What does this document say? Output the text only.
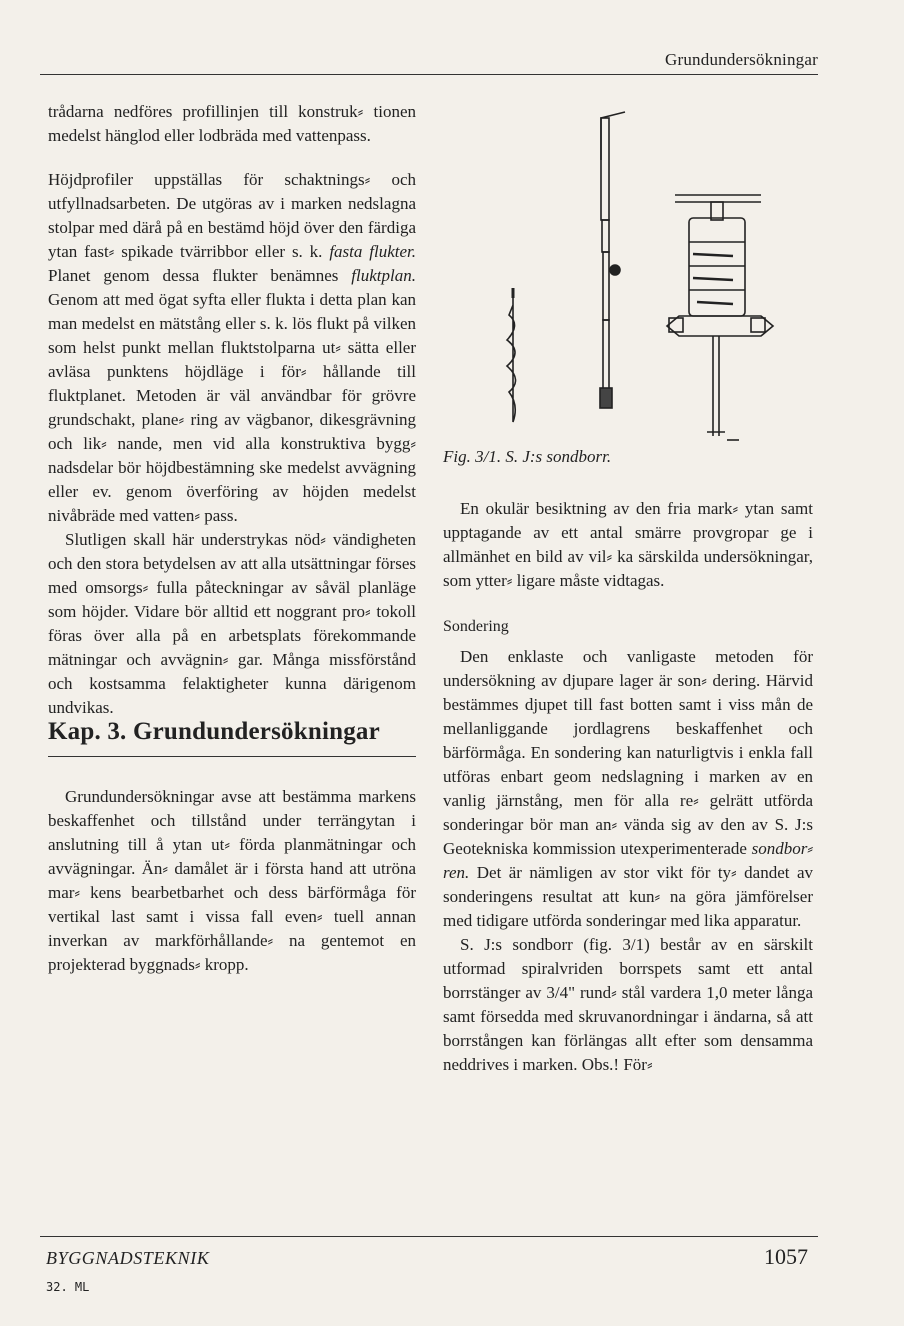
Grundundersökningar

trådarna nedföres profillinjen till konstruk⸗ tionen medelst hänglod eller lodbräda med vattenpass.

Höjdprofiler uppställas för schaktnings⸗ och utfyllnadsarbeten. De utgöras av i marken nedslagna stolpar med därå på en bestämd höjd över den färdiga ytan fast⸗ spikade tvärribbor eller s. k. fasta flukter. Planet genom dessa flukter benämnes fluktplan. Genom att med ögat syfta eller flukta i detta plan kan man medelst en mätstång eller s. k. lös flukt på vilken som helst punkt mellan fluktstolparna ut⸗ sätta eller avläsa punktens höjdläge i för⸗ hållande till fluktplanet. Metoden är väl användbar för grövre grundschakt, plane⸗ ring av vägbanor, dikesgrävning och lik⸗ nande, men vid alla konstruktiva bygg⸗ nadsdelar bör höjdbestämning ske medelst avvägning eller ev. genom överföring av höjden medelst nivåbräde med vatten⸗ pass.

Slutligen skall här understrykas nöd⸗ vändigheten och den stora betydelsen av att alla utsättningar förses med omsorgs⸗ fulla påteckningar av såväl planläge som höjder. Vidare bör alltid ett noggrant pro⸗ tokoll föras över alla på en arbetsplats förekommande mätningar och avvägnin⸗ gar. Många missförstånd och kostsamma felaktigheter kunna därigenom undvikas.

Kap. 3. Grundundersökningar

Grundundersökningar avse att bestämma markens beskaffenhet och tillstånd under terrängytan i anslutning till å ytan ut⸗ förda planmätningar och avvägningar. Än⸗ damålet är i första hand att utröna mar⸗ kens bearbetbarhet och dess bärförmåga för vertikal last samt i vissa fall even⸗ tuell annan inverkan av markförhållande⸗ na gentemot en projekterad byggnads⸗ kropp.

Fig. 3/1. S. J:s sondborr.

En okulär besiktning av den fria mark⸗ ytan samt upptagande av ett antal smärre provgropar ge i allmänhet en bild av vil⸗ ka särskilda undersökningar, som ytter⸗ ligare måste vidtagas.

Sondering

Den enklaste och vanligaste metoden för undersökning av djupare lager är son⸗ dering. Härvid bestämmes djupet till fast botten samt i viss mån de mellanliggande jordlagrens beskaffenhet och bärförmåga. En sondering kan naturligtvis i enkla fall utföras enbart geom nedslagning i marken av en vanlig järnstång, men för alla re⸗ gelrätt utförda sonderingar bör man an⸗ vända sig av den av S. J:s Geotekniska kommission utexperimenterade sondbor⸗ ren. Det är nämligen av stor vikt för ty⸗ dandet av sonderingens resultat att kun⸗ na göra jämförelser med tidigare utförda sonderingar med lika apparatur.

S. J:s sondborr (fig. 3/1) består av en särskilt utformad spiralvriden borrspets samt ett antal borrstänger av 3/4" rund⸗ stål vardera 1,0 meter långa samt försedda med skruvanordningar i ändarna, så att borrstången kan förlängas allt efter som densamma neddrives i marken. Obs.! För⸗

BYGGNADSTEKNIK	1057
32. ML
